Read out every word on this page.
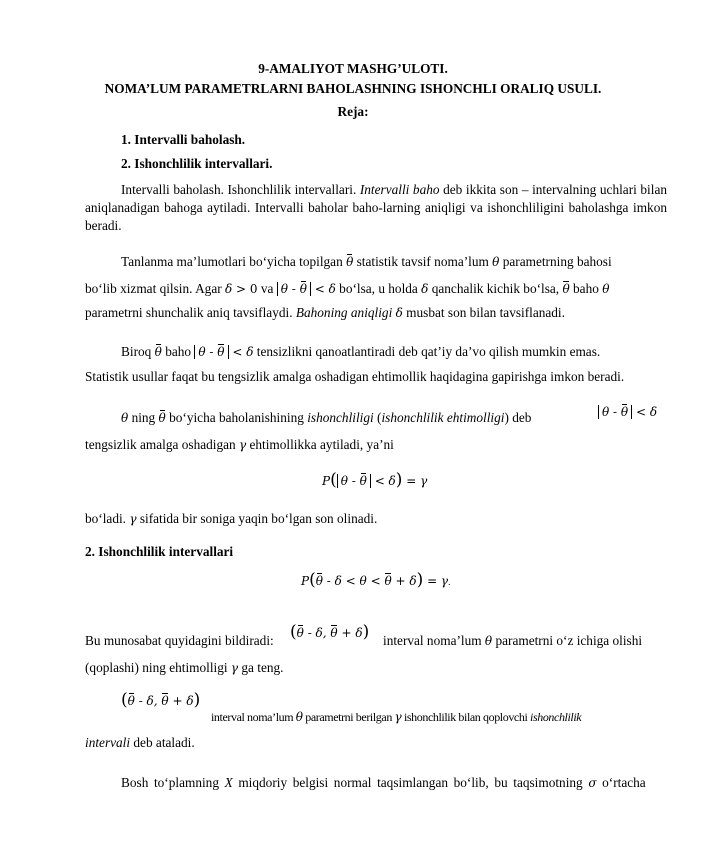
9-AMALIYOT MASHG’ULOTI.
NOMA’LUM PARAMETRLARNI BAHOLASHNING ISHONCHLI ORALIQ USULI.
Reja:
1. Intervalli baholash.
2. Ishonchlilik intervallari.
Intervalli baholash. Ishonchlilik intervallari. Intervalli baho deb ikkita son – intervalning uchlari bilan aniqlanadigan bahogа aytiladi. Intervalli baholar baho-larning aniqligi va ishonchliligini baholashga imkon beradi.
Tanlanma ma’lumotlari bo‘yicha topilgan θ statistik tavsif noma’lum θ parametrning bahosi
bo‘lib xizmat qilsin. Agar δ > 0 va θ - θ < δ bo‘lsa, u holda δ qanchalik kichik bo‘lsa, θ baho θ
parametrni shunchalik aniq tavsiflaydi. Bahoning aniqligi δ musbat son bilan tavsiflanadi.
Biroq θ baho θ - θ < δ tensizlikni qanoatlantiradi deb qat’iy da’vo qilish mumkin emas.
Statistik usullar faqat bu tengsizlik amalga oshadigan ehtimollik haqidagina gapirishga imkon beradi.
θ ning θ bo‘yicha baholanishining ishonchliligi (ishonchlilik ehtimolligi) deb	θ - θ < δ
tengsizlik amalga oshadigan γ ehtimollikka aytiladi, ya’ni
P( θ - θ < δ) = γ
bo‘ladi. γ sifatida bir soniga yaqin bo‘lgan son olinadi.
2. Ishonchlilik intervallari
P(θ - δ < θ < θ + δ) = γ.
Bu munosabat quyidagini bildiradi: (θ - δ, θ + δ) interval noma’lum θ parametrni o‘z ichiga olishi
(qoplashi) ning ehtimolligi γ ga teng.
(θ - δ, θ + δ)
interval noma’lum θ parametrni berilgan γ ishonchlilik bilan qoplovchi ishonchlilik
intervali deb ataladi.
Bosh to‘plamning X miqdoriy belgisi normal taqsimlangan bo‘lib, bu taqsimotning σ o‘rtacha
